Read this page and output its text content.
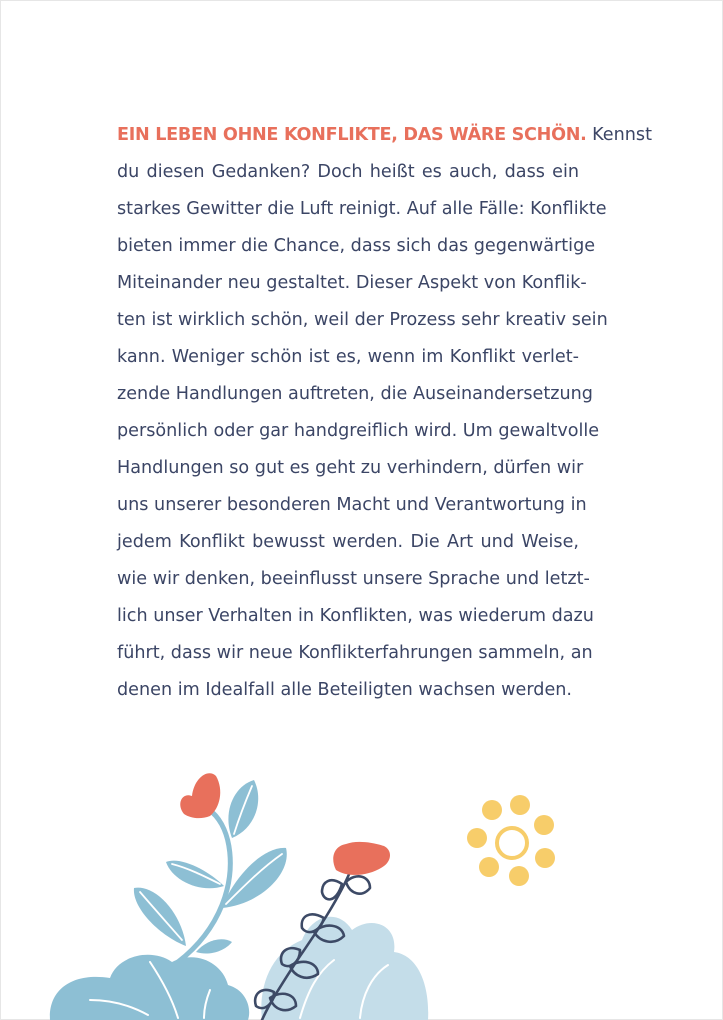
EIN LEBEN OHNE KONFLIKTE, DAS WÄRE SCHÖN. Kennst
du diesen Gedanken? Doch heißt es auch, dass ein
starkes Gewitter die Luft reinigt. Auf alle Fälle: Konflikte
bieten immer die Chance, dass sich das gegenwärtige
Miteinander neu gestaltet. Dieser Aspekt von Konflik-
ten ist wirklich schön, weil der Prozess sehr kreativ sein
kann. Weniger schön ist es, wenn im Konflikt verlet-
zende Handlungen auftreten, die Auseinandersetzung
persönlich oder gar handgreiflich wird. Um gewaltvolle
Handlungen so gut es geht zu verhindern, dürfen wir
uns unserer besonderen Macht und Verantwortung in
jedem Konflikt bewusst werden. Die Art und Weise,
wie wir denken, beeinflusst unsere Sprache und letzt-
lich unser Verhalten in Konflikten, was wiederum dazu
führt, dass wir neue Konflikterfahrungen sammeln, an
denen im Idealfall alle Beteiligten wachsen werden.
